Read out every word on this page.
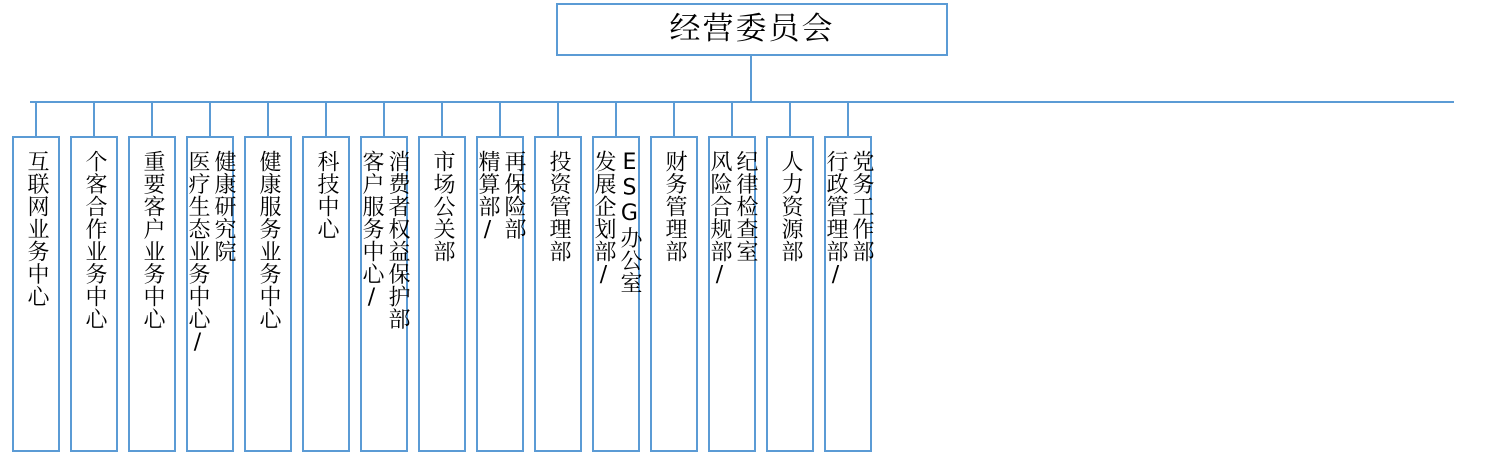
经营委员会
互联网业务中心 个客合作业务中心 重要客户业务中心 医疗生态业务中心/ 健康研究院 健康服务业务中心 科技中心 客户服务中心/ 消费者权益保护部 市场公关部 精算部/ 再保险部 投资管理部 发展企划部/ ESG办公室 财务管理部 风险合规部/ 纪律检查室 人力资源部 行政管理部/ 党务工作部
